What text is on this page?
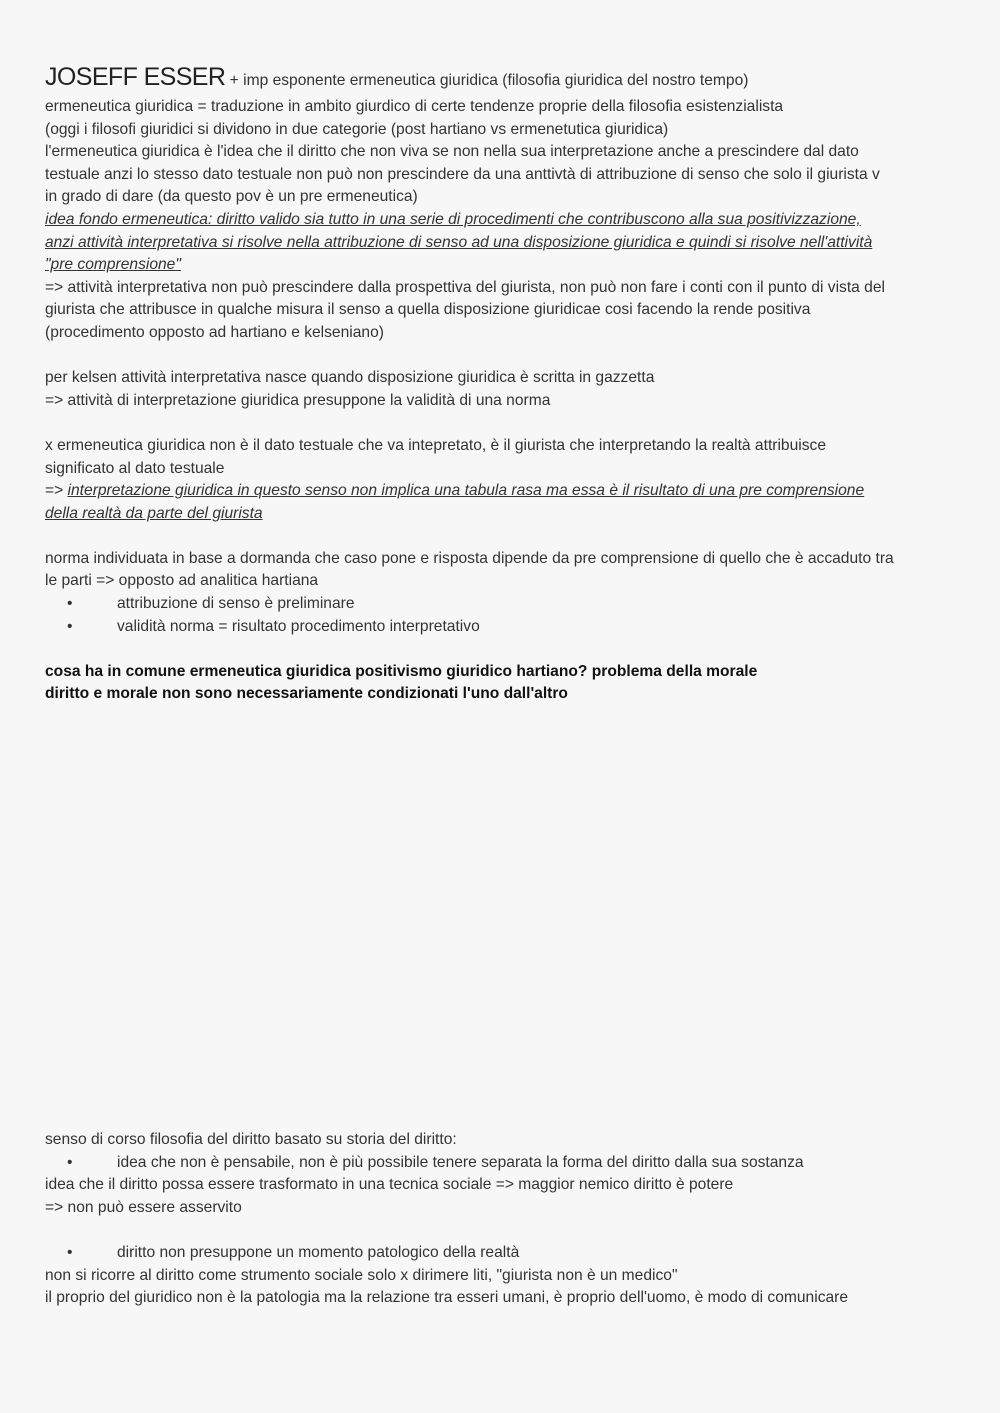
JOSEFF ESSER + imp esponente ermeneutica giuridica (filosofia giuridica del nostro tempo)

ermeneutica giuridica = traduzione in ambito giurdico di certe tendenze proprie della filosofia esistenzialista

(oggi i filosofi giuridici si dividono in due categorie (post hartiano vs ermenetutica giuridica)

l'ermeneutica giuridica è l'idea che il diritto che non viva se non nella sua interpretazione anche a prescindere dal dato

testuale anzi lo stesso dato testuale non può non prescindere da una anttivtà di attribuzione di senso che solo il giurista v

in grado di dare (da questo pov è un pre ermeneutica)

idea fondo ermeneutica: diritto valido sia tutto in una serie di procedimenti che contribuscono alla sua positivizzazione,

anzi attività interpretativa si risolve nella attribuzione di senso ad una disposizione giuridica e quindi si risolve nell'attività

"pre comprensione"

=> attività interpretativa non può prescindere dalla prospettiva del giurista, non può non fare i conti con il punto di vista del

giurista che attribusce in qualche misura il senso a quella disposizione giuridicae cosi facendo la rende positiva

(procedimento opposto ad hartiano e kelseniano)

per kelsen attività interpretativa nasce quando disposizione giuridica è scritta in gazzetta

=> attività di interpretazione giuridica presuppone la validità di una norma

x ermeneutica giuridica non è il dato testuale che va intepretato, è il giurista che interpretando la realtà attribuisce

significato al dato testuale

=> interpretazione giuridica in questo senso non implica una tabula rasa ma essa è il risultato di una pre comprensione

della realtà da parte del giurista

norma individuata in base a dormanda che caso pone e risposta dipende da pre comprensione di quello che è accaduto tra

le parti => opposto ad analitica hartiana

•	attribuzione di senso è preliminare

•	validità norma = risultato procedimento interpretativo

cosa ha in comune ermeneutica giuridica positivismo giuridico hartiano? problema della morale

diritto e morale non sono necessariamente condizionati l'uno dall'altro

senso di corso filosofia del diritto basato su storia del diritto:

•	idea che non è pensabile, non è più possibile tenere separata la forma del diritto dalla sua sostanza

idea che il diritto possa essere trasformato in una tecnica sociale => maggior nemico diritto è potere

=> non può essere asservito

•	diritto non presuppone un momento patologico della realtà

non si ricorre al diritto come strumento sociale solo x dirimere liti, "giurista non è un medico"

il proprio del giuridico non è la patologia ma la relazione tra esseri umani, è proprio dell'uomo, è modo di comunicare
